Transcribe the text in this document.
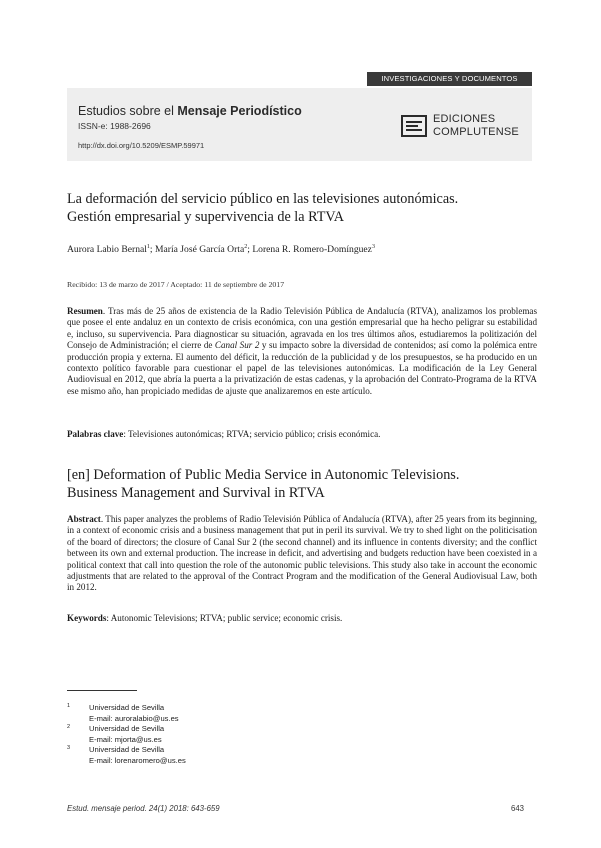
INVESTIGACIONES Y DOCUMENTOS
Estudios sobre el Mensaje Periodístico
ISSN-e: 1988-2696
http://dx.doi.org/10.5209/ESMP.59971
EDICIONES
COMPLUTENSE
La deformación del servicio público en las televisiones autonómicas.
Gestión empresarial y supervivencia de la RTVA
Aurora Labio Bernal$^1$; María José García Orta$^2$; Lorena R. Romero-Domínguez$^3$
Recibido: 13 de marzo de 2017 / Aceptado: 11 de septiembre de 2017
Resumen. Tras más de 25 años de existencia de la Radio Televisión Pública de Andalucía (RTVA), analizamos los problemas que posee el ente andaluz en un contexto de crisis económica, con una gestión empresarial que ha hecho peligrar su estabilidad e, incluso, su supervivencia. Para diagnosticar su situación, agravada en los tres últimos años, estudiaremos la politización del Consejo de Administración; el cierre de Canal Sur 2 y su impacto sobre la diversidad de contenidos; así como la polémica entre producción propia y externa. El aumento del déficit, la reducción de la publicidad y de los presupuestos, se ha producido en un contexto político favorable para cuestionar el papel de las televisiones autonómicas. La modificación de la Ley General Audiovisual en 2012, que abría la puerta a la privatización de estas cadenas, y la aprobación del Contrato-Programa de la RTVA ese mismo año, han propiciado medidas de ajuste que analizaremos en este artículo.
Palabras clave: Televisiones autonómicas; RTVA; servicio público; crisis económica.
[en] Deformation of Public Media Service in Autonomic Televisions.
Business Management and Survival in RTVA
Abstract. This paper analyzes the problems of Radio Televisión Pública of Andalucía (RTVA), after 25 years from its beginning, in a context of economic crisis and a business management that put in peril its survival. We try to shed light on the politicisation of the board of directors; the closure of Canal Sur 2 (the second channel) and its influence in contents diversity; and the conflict between its own and external production. The increase in deficit, and advertising and budgets reduction have been coexisted in a political context that call into question the role of the autonomic public televisions. This study also take in account the economic adjustments that are related to the approval of the Contract Program and the modification of the General Audiovisual Law, both in 2012.
Keywords: Autonomic Televisions; RTVA; public service; economic crisis.
1 Universidad de Sevilla
E-mail: auroralabio@us.es
2 Universidad de Sevilla
E-mail: mjorta@us.es
3 Universidad de Sevilla
E-mail: lorenaromero@us.es
Estud. mensaje period. 24(1) 2018: 643-659	643
